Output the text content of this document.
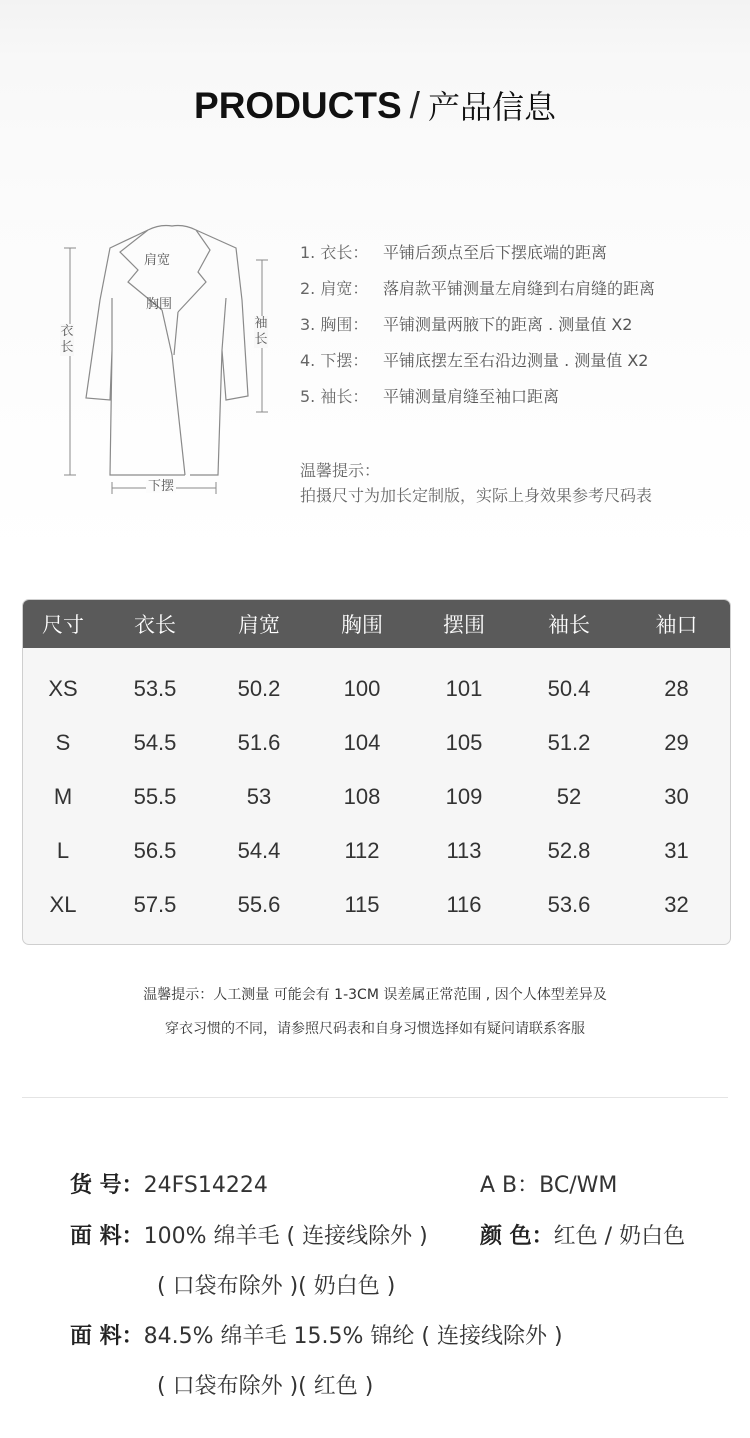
PRODUCTS / 产品信息
肩宽
胸围
衣长
袖长
下摆
1. 衣长： 平铺后颈点至后下摆底端的距离
2. 肩宽： 落肩款平铺测量左肩缝到右肩缝的距离
3. 胸围： 平铺测量两腋下的距离 . 测量值 X2
4. 下摆： 平铺底摆左至右沿边测量 . 测量值 X2
5. 袖长： 平铺测量肩缝至袖口距离
温馨提示：
拍摄尺寸为加长定制版，实际上身效果参考尺码表
尺寸	衣长	肩宽	胸围	摆围	袖长	袖口
XS	53.5	50.2	100	101	50.4	28
S	54.5	51.6	104	105	51.2	29
M	55.5	53	108	109	52	30
L	56.5	54.4	112	113	52.8	31
XL	57.5	55.6	115	116	53.6	32
温馨提示：人工测量 可能会有 1-3CM 误差属正常范围 , 因个人体型差异及
穿衣习惯的不同，请参照尺码表和自身习惯选择如有疑问请联系客服
货 号：24FS14224	A B：BC/WM
面 料：100% 绵羊毛 ( 连接线除外 ) 颜 色：红色 / 奶白色
( 口袋布除外 )( 奶白色 )
面 料：84.5% 绵羊毛 15.5% 锦纶 ( 连接线除外 )
( 口袋布除外 )( 红色 )
